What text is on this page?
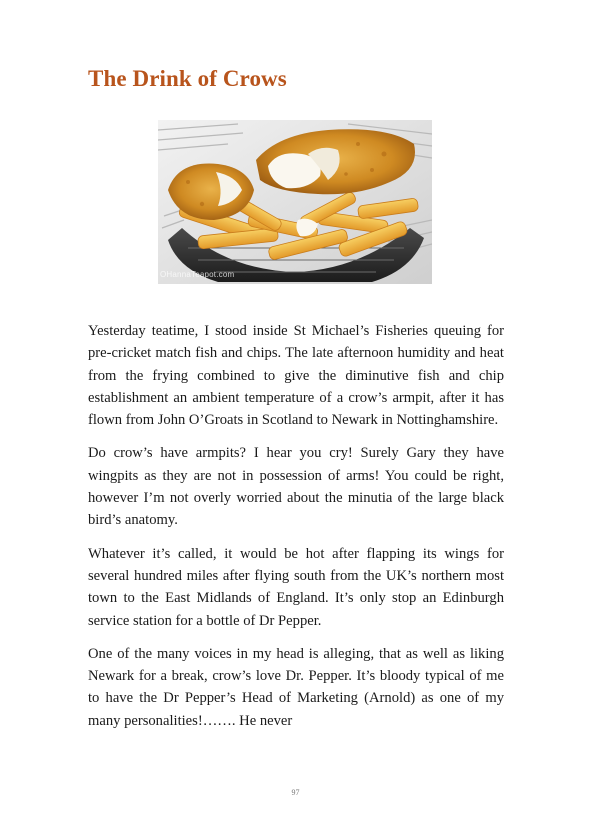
The Drink of Crows
OHannaTeapot.com

Yesterday teatime, I stood inside St Michael’s Fisheries queuing for pre-cricket match fish and chips. The late afternoon humidity and heat from the frying combined to give the diminutive fish and chip establishment an ambient temperature of a crow’s armpit, after it has flown from John O’Groats in Scotland to Newark in Nottinghamshire.

Do crow’s have armpits? I hear you cry! Surely Gary they have wingpits as they are not in possession of arms! You could be right, however I’m not overly worried about the minutia of the large black bird’s anatomy.

Whatever it’s called, it would be hot after flapping its wings for several hundred miles after flying south from the UK’s northern most town to the East Midlands of England. It’s only stop an Edinburgh service station for a bottle of Dr Pepper.

One of the many voices in my head is alleging, that as well as liking Newark for a break, crow’s love Dr. Pepper. It’s bloody typical of me to have the Dr Pepper’s Head of Marketing (Arnold) as one of my many personalities!……. He never

97
